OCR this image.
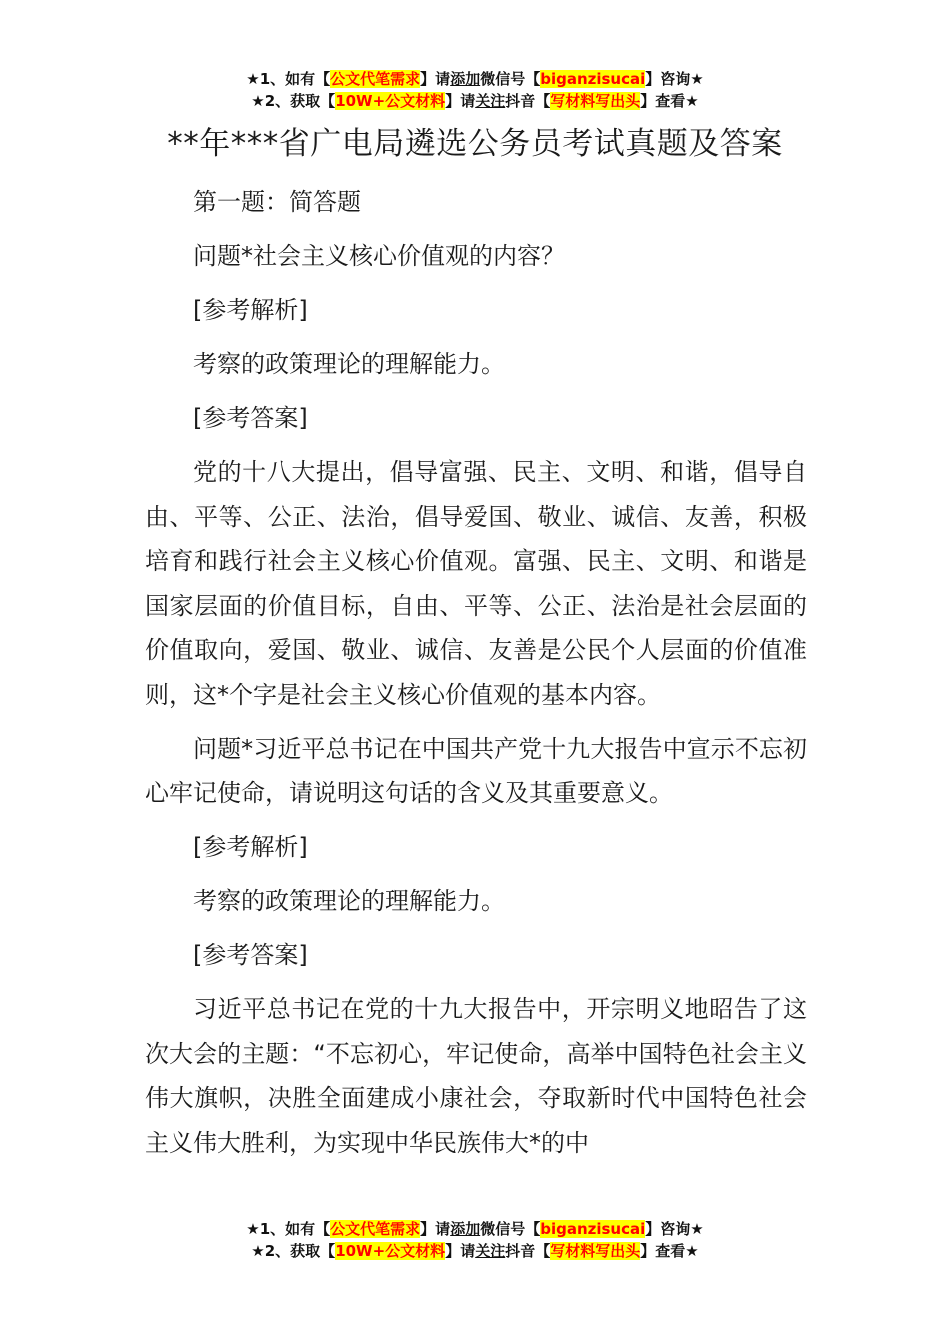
★1、如有【公文代笔需求】请添加微信号【biganzisucai】咨询★
★2、获取【10W+公文材料】请关注抖音【写材料写出头】查看★
**年***省广电局遴选公务员考试真题及答案

第一题：简答题

问题*社会主义核心价值观的内容？

[参考解析]

考察的政策理论的理解能力。

[参考答案]

党的十八大提出，倡导富强、民主、文明、和谐，倡导自由、平等、公正、法治，倡导爱国、敬业、诚信、友善，积极培育和践行社会主义核心价值观。富强、民主、文明、和谐是国家层面的价值目标，自由、平等、公正、法治是社会层面的价值取向，爱国、敬业、诚信、友善是公民个人层面的价值准则，这*个字是社会主义核心价值观的基本内容。

问题*习近平总书记在中国共产党十九大报告中宣示不忘初心牢记使命，请说明这句话的含义及其重要意义。

[参考解析]

考察的政策理论的理解能力。

[参考答案]

习近平总书记在党的十九大报告中，开宗明义地昭告了这次大会的主题：“不忘初心，牢记使命，高举中国特色社会主义伟大旗帜，决胜全面建成小康社会，夺取新时代中国特色社会主义伟大胜利，为实现中华民族伟大*的中

★1、如有【公文代笔需求】请添加微信号【biganzisucai】咨询★
★2、获取【10W+公文材料】请关注抖音【写材料写出头】查看★
